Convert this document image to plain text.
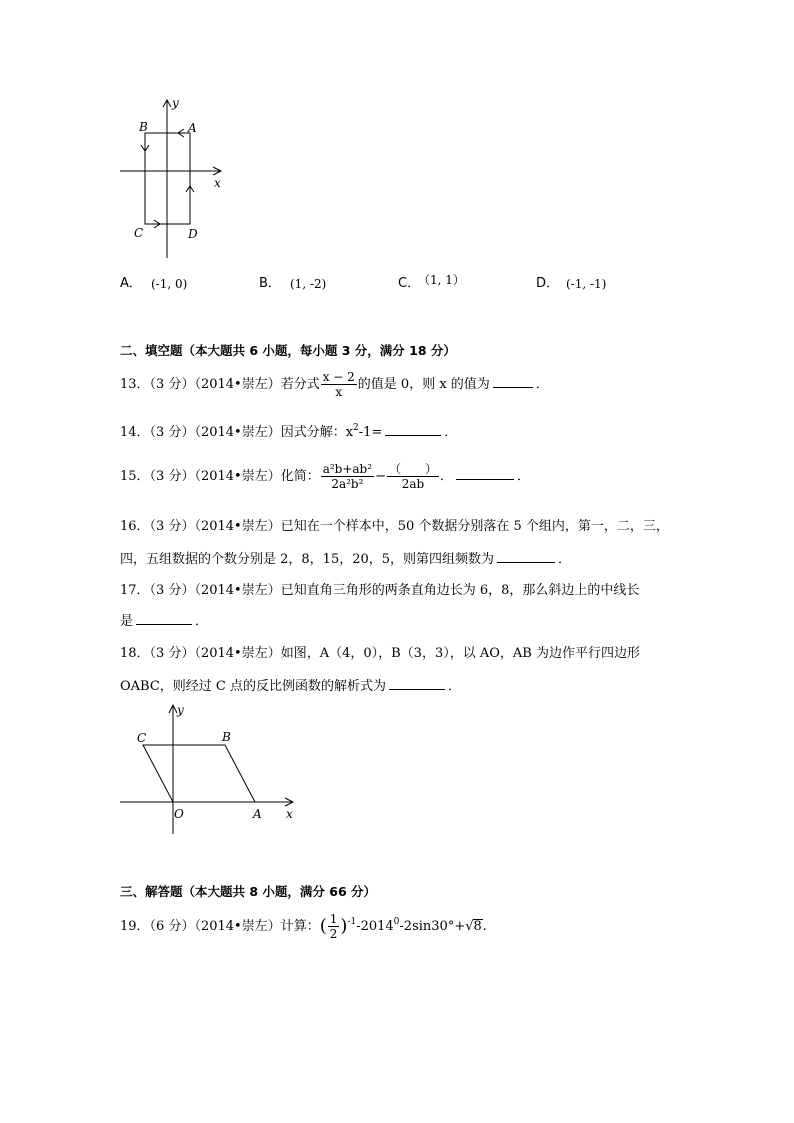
y
x
A
B
C	D
A． (-1, 0)	B． (1, -2)	C．
（1, 1）	D． (-1, -1)
二、填空题（本大题共 6 小题，每小题 3 分，满分 18 分）
13．（3 分）（2014•崇左）若分式 $\frac{x - 2}{x}$ 的值是 0，则 x 的值为	．
14．（3 分）（2014•崇左）因式分解：$x^2-1=$	．
15．（3 分）（2014•崇左）化简： $\frac{\text{a²b+ab²}}{\text{2a²b²}} - \frac{( )}{2ab}$ ．	．
16．（3 分）（2014•崇左）已知在一个样本中，50 个数据分别落在 5 个组内，第一，二，三，
四，五组数据的个数分别是 2，8，15，20，5，则第四组频数为	．
17．（3 分）（2014•崇左）已知直角三角形的两条直角边长为 6，8，那么斜边上的中线长
是	．
18．（3 分）（2014•崇左）如图，A（4，0），B（3，3），以 AO，AB 为边作平行四边形
OABC，则经过 C 点的反比例函数的解析式为	．
y
x
O	A
B
C
三、解答题（本大题共 8 小题，满分 66 分）
19．（6 分）（2014•崇左）计算：( $\frac{1}{2} )^{-1}-2014^0-2\sin 30^\circ+√8$.
